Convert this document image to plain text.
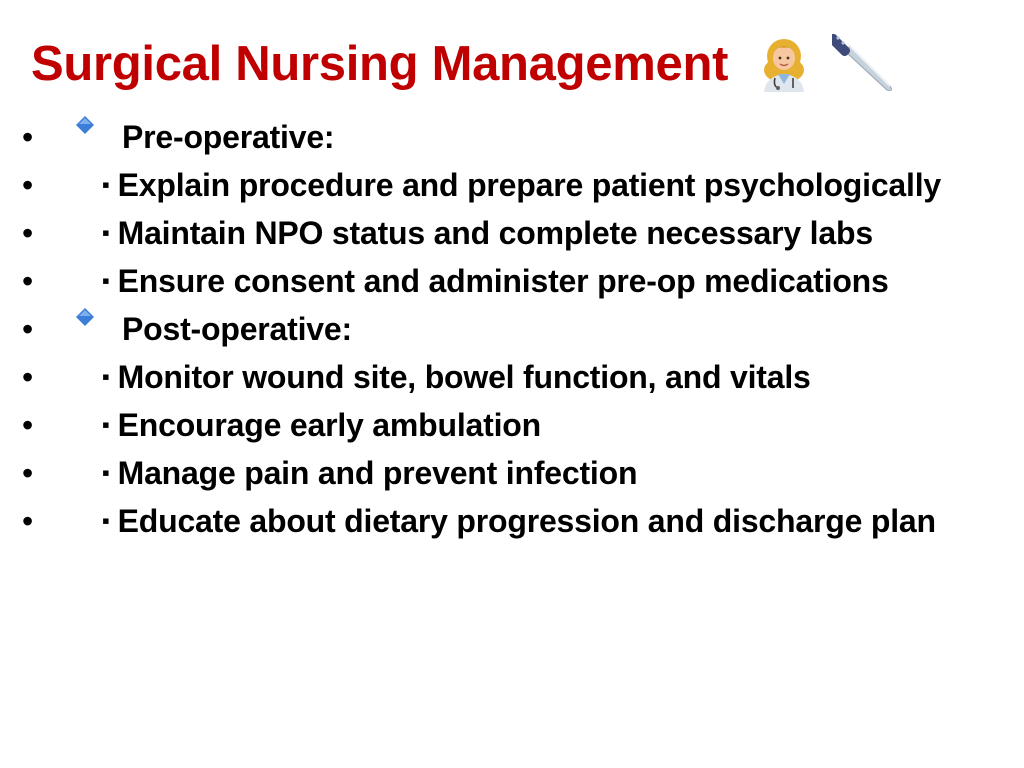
Surgical Nursing Management
•	Pre-operative:
•	▪ Explain procedure and prepare patient psychologically
•	▪ Maintain NPO status and complete necessary labs
•	▪ Ensure consent and administer pre-op medications
•	Post-operative:
•	▪ Monitor wound site, bowel function, and vitals
•	▪ Encourage early ambulation
•	▪ Manage pain and prevent infection
•	▪ Educate about dietary progression and discharge plan
